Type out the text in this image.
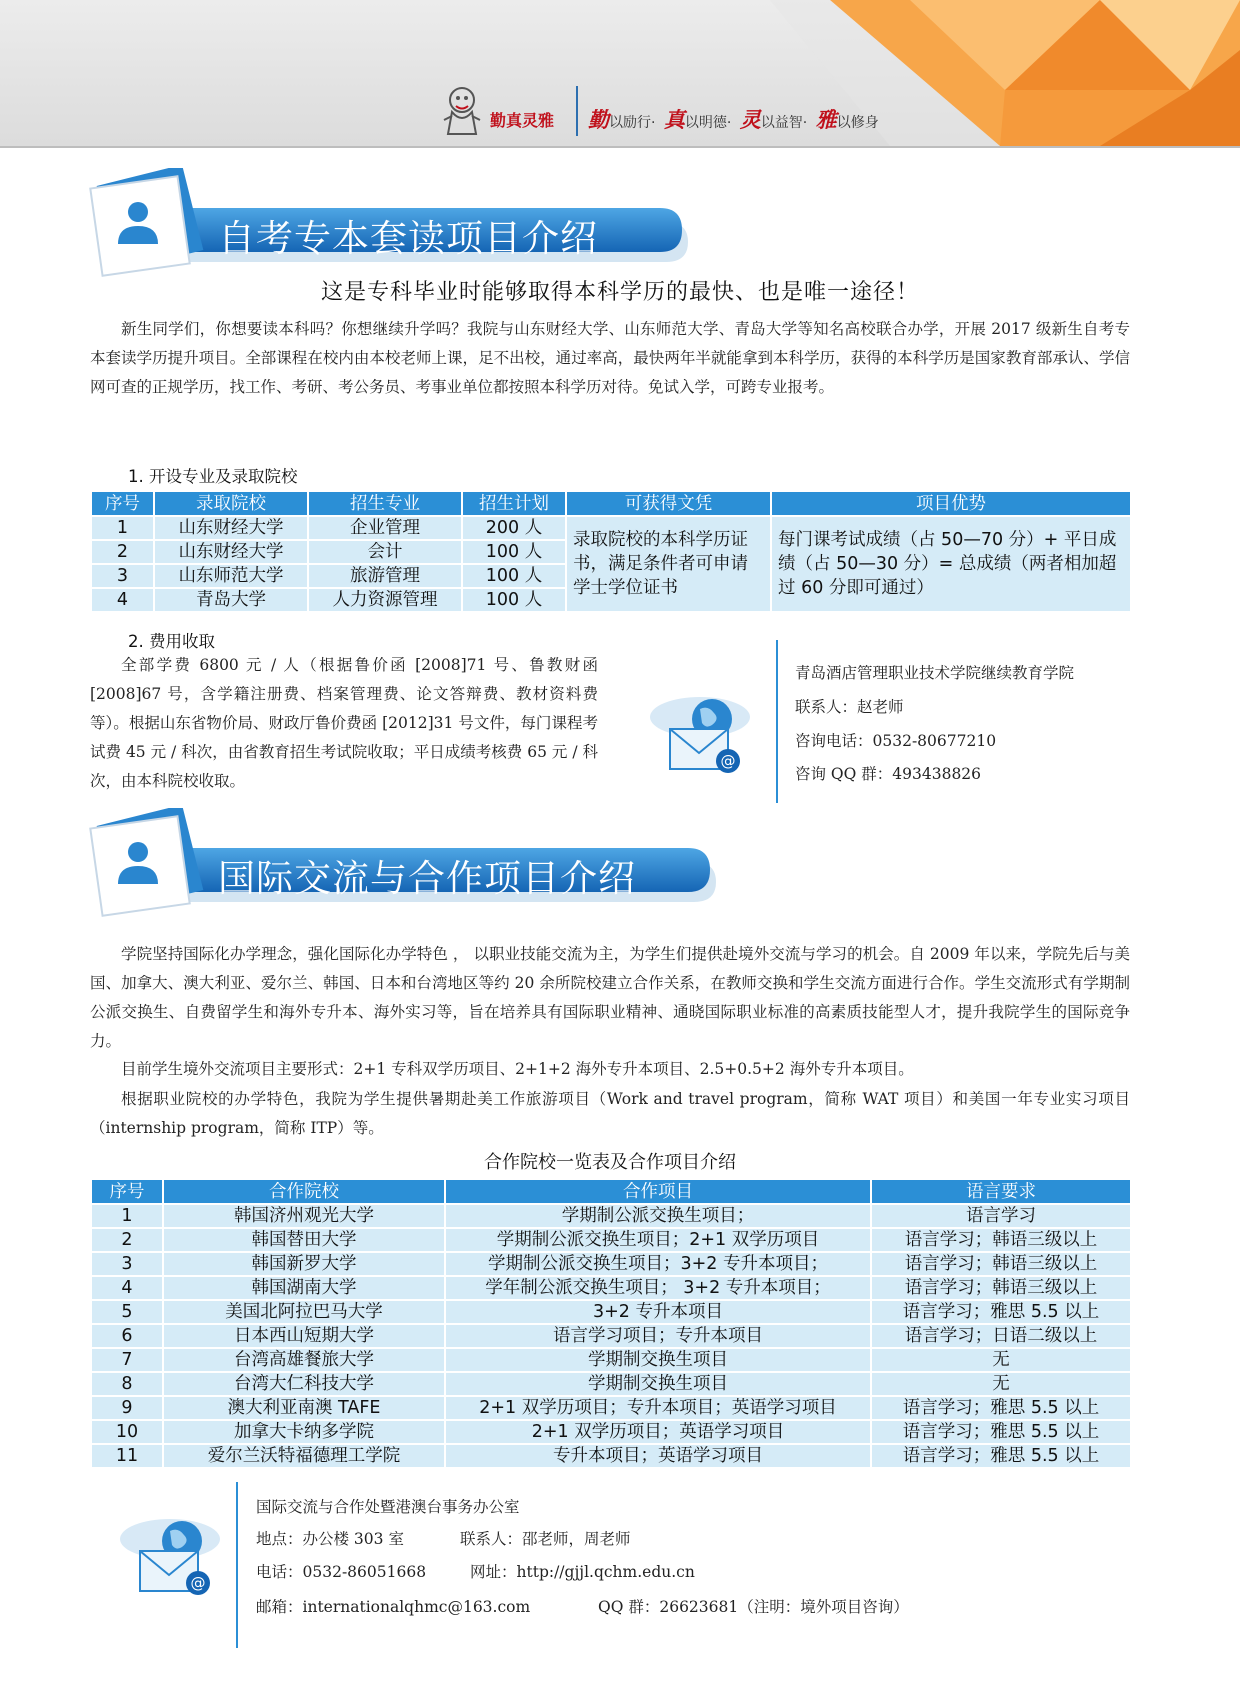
勤真灵雅 勤以励行· 真以明德· 灵以益智· 雅以修身
自考专本套读项目介绍
这是专科毕业时能够取得本科学历的最快、也是唯一途径！

新生同学们，你想要读本科吗？你想继续升学吗？我院与山东财经大学、山东师范大学、青岛大学等知名高校联合办学，开展 2017 级新生自考专本套读学历提升项目。全部课程在校内由本校老师上课，足不出校，通过率高，最快两年半就能拿到本科学历，获得的本科学历是国家教育部承认、学信网可查的正规学历，找工作、考研、考公务员、考事业单位都按照本科学历对待。免试入学，可跨专业报考。

1. 开设专业及录取院校
序号	录取院校	招生专业	招生计划	可获得文凭	项目优势
1	山东财经大学	企业管理	200 人	录取院校的本科学历证书，满足条件者可申请学士学位证书	每门课考试成绩（占 50—70 分）+ 平日成绩（占 50—30 分）= 总成绩（两者相加超过 60 分即可通过）
2	山东财经大学	会计	100 人		
3	山东师范大学	旅游管理	100 人		
4	青岛大学	人力资源管理	100 人		
2. 费用收取

全部学费 6800 元 / 人（根据鲁价函 [2008]71 号、鲁教财函 [2008]67 号，含学籍注册费、档案管理费、论文答辩费、教材资料费等）。根据山东省物价局、财政厅鲁价费函 [2012]31 号文件，每门课程考试费 45 元 / 科次，由省教育招生考试院收取；平日成绩考核费 65 元 / 科次，由本科院校收取。

@
青岛酒店管理职业技术学院继续教育学院
联系人：赵老师
咨询电话：0532-80677210
咨询 QQ 群：493438826
国际交流与合作项目介绍

学院坚持国际化办学理念，强化国际化办学特色 ， 以职业技能交流为主，为学生们提供赴境外交流与学习的机会。自 2009 年以来，学院先后与美国、加拿大、澳大利亚、爱尔兰、韩国、日本和台湾地区等约 20 余所院校建立合作关系，在教师交换和学生交流方面进行合作。学生交流形式有学期制公派交换生、自费留学生和海外专升本、海外实习等，旨在培养具有国际职业精神、通晓国际职业标准的高素质技能型人才，提升我院学生的国际竞争力。

目前学生境外交流项目主要形式：2+1 专科双学历项目、2+1+2 海外专升本项目、2.5+0.5+2 海外专升本项目。

根据职业院校的办学特色，我院为学生提供暑期赴美工作旅游项目（Work and travel program，简称 WAT 项目）和美国一年专业实习项目（internship program，简称 ITP）等。

合作院校一览表及合作项目介绍
序号	合作院校	合作项目	语言要求
1	韩国济州观光大学	学期制公派交换生项目；	语言学习
2	韩国替田大学	学期制公派交换生项目；2+1 双学历项目	语言学习；韩语三级以上
3	韩国新罗大学	学期制公派交换生项目；3+2 专升本项目；	语言学习；韩语三级以上
4	韩国湖南大学	学年制公派交换生项目； 3+2 专升本项目；	语言学习；韩语三级以上
5	美国北阿拉巴马大学	3+2 专升本项目	语言学习；雅思 5.5 以上
6	日本西山短期大学	语言学习项目；专升本项目	语言学习；日语二级以上
7	台湾高雄餐旅大学	学期制交换生项目	无
8	台湾大仁科技大学	学期制交换生项目	无
9	澳大利亚南澳 TAFE	2+1 双学历项目；专升本项目；英语学习项目	语言学习；雅思 5.5 以上
10	加拿大卡纳多学院	2+1 双学历项目；英语学习项目	语言学习；雅思 5.5 以上
11	爱尔兰沃特福德理工学院	专升本项目；英语学习项目	语言学习；雅思 5.5 以上
@
国际交流与合作处暨港澳台事务办公室
地点：办公楼 303 室	联系人：邵老师，周老师
电话：0532-86051668	网址：http://gjjl.qchm.edu.cn
邮箱：internationalqhmc@163.com	QQ 群：26623681（注明：境外项目咨询）
